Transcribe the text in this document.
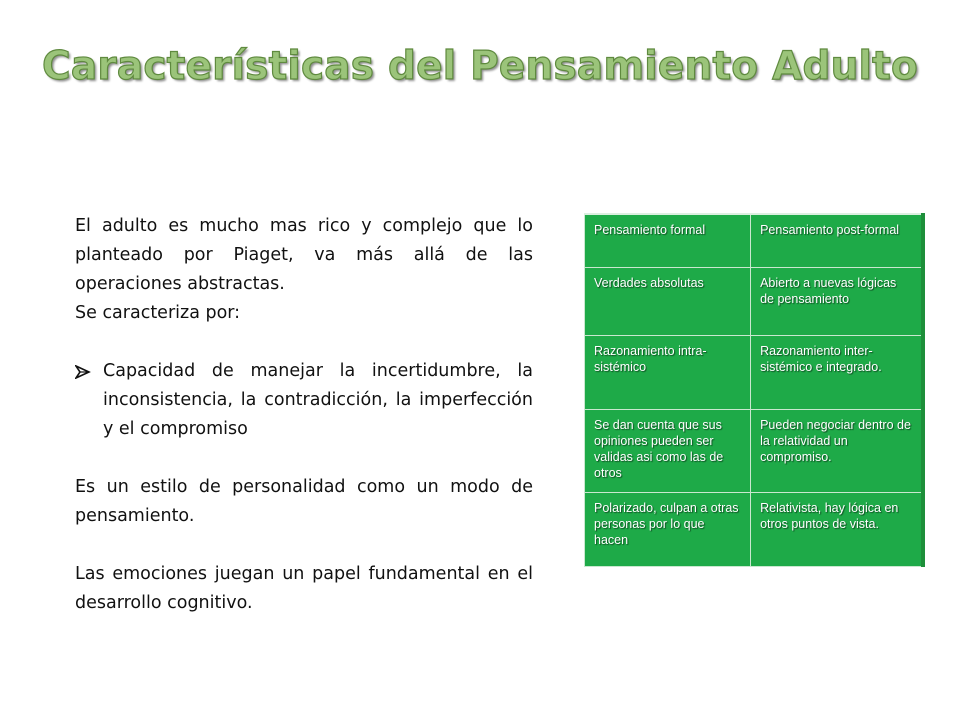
Características del Pensamiento Adulto

El adulto es mucho mas rico y complejo que lo planteado por Piaget, va más allá de las operaciones abstractas.

Se caracteriza por:

Capacidad de manejar la incertidumbre, la inconsistencia, la contradicción, la imperfección y el compromiso

Es un estilo de personalidad como un modo de pensamiento.

Las emociones juegan un papel fundamental en el desarrollo cognitivo.

Pensamiento formal	Pensamiento post-formal
Verdades absolutas	Abierto a nuevas lógicas de pensamiento
Razonamiento intra-sistémico	Razonamiento inter-sistémico e integrado.
Se dan cuenta que sus opiniones pueden ser validas asi como las de otros	Pueden negociar dentro de la relatividad un compromiso.
Polarizado, culpan a otras personas por lo que hacen	Relativista, hay lógica en otros puntos de vista.
